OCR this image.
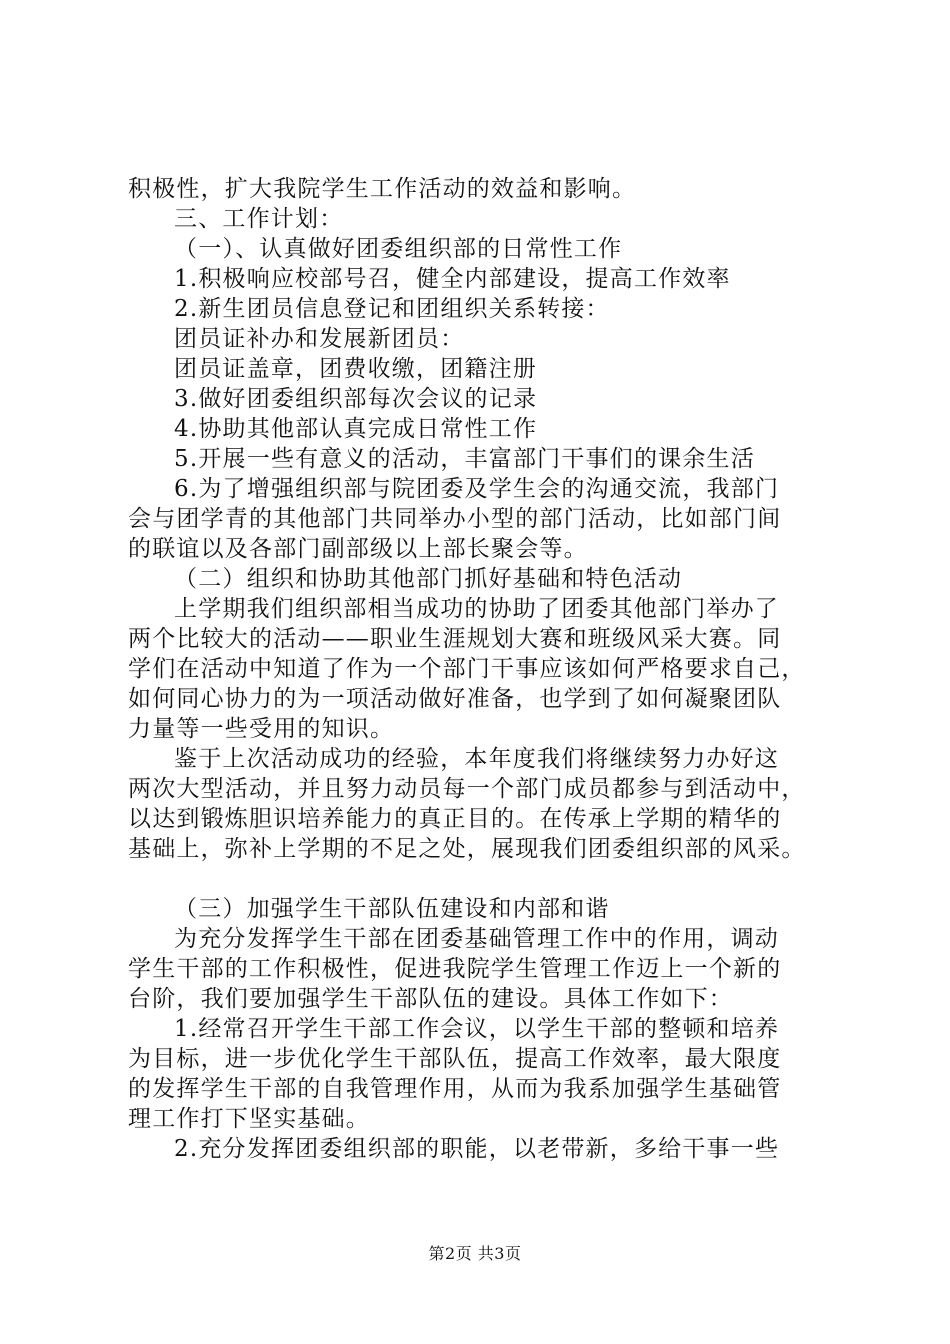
积极性，扩大我院学生工作活动的效益和影响。
三、工作计划：
（一）、认真做好团委组织部的日常性工作
1.积极响应校部号召，健全内部建设，提高工作效率
2.新生团员信息登记和团组织关系转接：
团员证补办和发展新团员：
团员证盖章，团费收缴，团籍注册
3.做好团委组织部每次会议的记录
4.协助其他部认真完成日常性工作
5.开展一些有意义的活动，丰富部门干事们的课余生活
6.为了增强组织部与院团委及学生会的沟通交流，我部门
会与团学青的其他部门共同举办小型的部门活动，比如部门间
的联谊以及各部门副部级以上部长聚会等。
（二）组织和协助其他部门抓好基础和特色活动
上学期我们组织部相当成功的协助了团委其他部门举办了
两个比较大的活动——职业生涯规划大赛和班级风采大赛。同
学们在活动中知道了作为一个部门干事应该如何严格要求自己，
如何同心协力的为一项活动做好准备，也学到了如何凝聚团队
力量等一些受用的知识。
鉴于上次活动成功的经验，本年度我们将继续努力办好这
两次大型活动，并且努力动员每一个部门成员都参与到活动中，
以达到锻炼胆识培养能力的真正目的。在传承上学期的精华的
基础上，弥补上学期的不足之处，展现我们团委组织部的风采。
（三）加强学生干部队伍建设和内部和谐
为充分发挥学生干部在团委基础管理工作中的作用，调动
学生干部的工作积极性，促进我院学生管理工作迈上一个新的
台阶，我们要加强学生干部队伍的建设。具体工作如下：
1.经常召开学生干部工作会议，以学生干部的整顿和培养
为目标，进一步优化学生干部队伍，提高工作效率，最大限度
的发挥学生干部的自我管理作用，从而为我系加强学生基础管
理工作打下坚实基础。
2.充分发挥团委组织部的职能，以老带新，多给干事一些
第2页 共3页
